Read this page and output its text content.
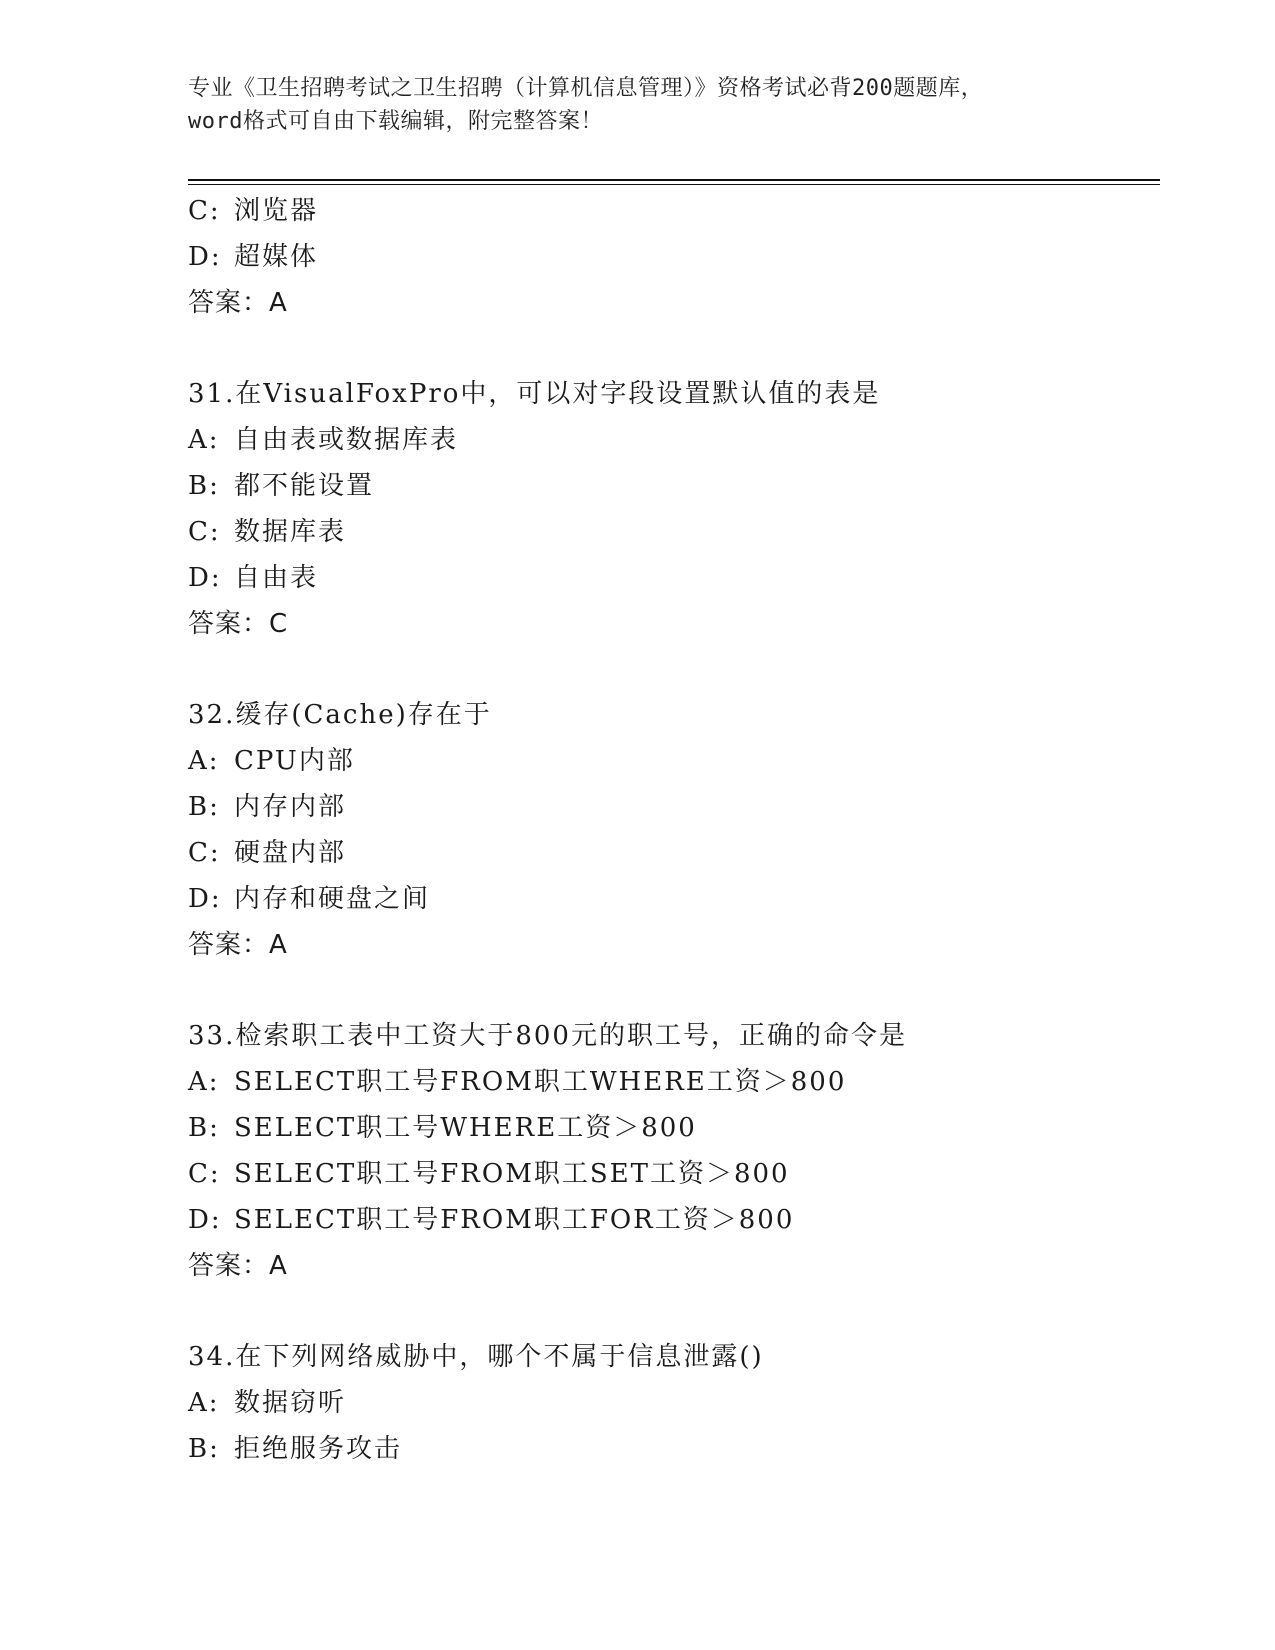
专业《卫生招聘考试之卫生招聘（计算机信息管理）》资格考试必背200题题库，
word格式可自由下载编辑，附完整答案！
C: 浏览器
D: 超媒体
答案：A
31.在VisualFoxPro中，可以对字段设置默认值的表是
A: 自由表或数据库表
B: 都不能设置
C: 数据库表
D: 自由表
答案：C
32.缓存(Cache)存在于
A: CPU内部
B: 内存内部
C: 硬盘内部
D: 内存和硬盘之间
答案：A
33.检索职工表中工资大于800元的职工号，正确的命令是
A: SELECT职工号FROM职工WHERE工资＞800
B: SELECT职工号WHERE工资＞800
C: SELECT职工号FROM职工SET工资＞800
D: SELECT职工号FROM职工FOR工资＞800
答案：A
34.在下列网络威胁中，哪个不属于信息泄露()
A: 数据窃听
B: 拒绝服务攻击
